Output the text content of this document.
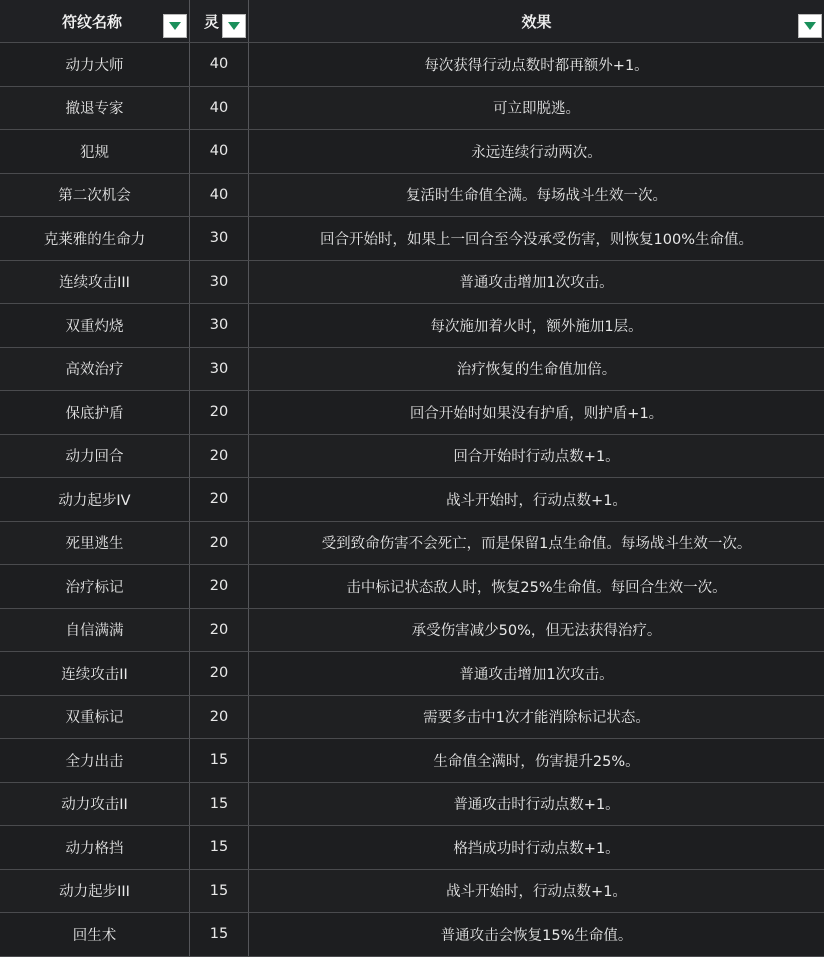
符纹名称	灵	效果
动力大师	40	每次获得行动点数时都再额外+1。
撤退专家	40	可立即脱逃。
犯规	40	永远连续行动两次。
第二次机会	40	复活时生命值全满。每场战斗生效一次。
克莱雅的生命力	30	回合开始时，如果上一回合至今没承受伤害，则恢复100%生命值。
连续攻击III	30	普通攻击增加1次攻击。
双重灼烧	30	每次施加着火时，额外施加1层。
高效治疗	30	治疗恢复的生命值加倍。
保底护盾	20	回合开始时如果没有护盾，则护盾+1。
动力回合	20	回合开始时行动点数+1。
动力起步IV	20	战斗开始时，行动点数+1。
死里逃生	20	受到致命伤害不会死亡，而是保留1点生命值。每场战斗生效一次。
治疗标记	20	击中标记状态敌人时，恢复25%生命值。每回合生效一次。
自信满满	20	承受伤害减少50%，但无法获得治疗。
连续攻击II	20	普通攻击增加1次攻击。
双重标记	20	需要多击中1次才能消除标记状态。
全力出击	15	生命值全满时，伤害提升25%。
动力攻击II	15	普通攻击时行动点数+1。
动力格挡	15	格挡成功时行动点数+1。
动力起步III	15	战斗开始时，行动点数+1。
回生术	15	普通攻击会恢复15%生命值。
